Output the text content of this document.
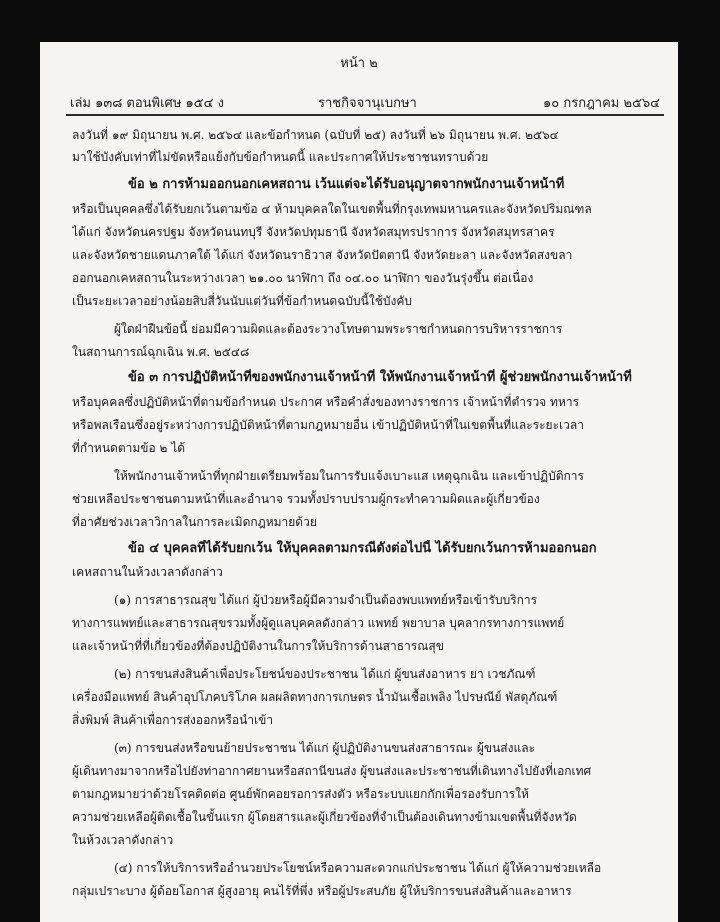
หน้า ๒
เล่ม ๑๓๘ ตอนพิเศษ ๑๕๔ ง	ราชกิจจานุเบกษา	๑๐ กรกฎาคม ๒๕๖๔
ลงวันที่ ๑๙ มิถุนายน พ.ศ. ๒๕๖๔ และข้อกำหนด (ฉบับที่ ๒๕) ลงวันที่ ๒๖ มิถุนายน พ.ศ. ๒๕๖๔
มาใช้บังคับเท่าที่ไม่ขัดหรือแย้งกับข้อกำหนดนี้ และประกาศให้ประชาชนทราบด้วย
ข้อ ๒ การห้ามออกนอกเคหสถาน เว้นแต่จะได้รับอนุญาตจากพนักงานเจ้าหน้าที่
หรือเป็นบุคคลซึ่งได้รับยกเว้นตามข้อ ๔ ห้ามบุคคลใดในเขตพื้นที่กรุงเทพมหานครและจังหวัดปริมณฑล
ได้แก่ จังหวัดนครปฐม จังหวัดนนทบุรี จังหวัดปทุมธานี จังหวัดสมุทรปราการ จังหวัดสมุทรสาคร
และจังหวัดชายแดนภาคใต้ ได้แก่ จังหวัดนราธิวาส จังหวัดปัตตานี จังหวัดยะลา และจังหวัดสงขลา
ออกนอกเคหสถานในระหว่างเวลา ๒๑.๐๐ นาฬิกา ถึง ๐๔.๐๐ นาฬิกา ของวันรุ่งขึ้น ต่อเนื่อง
เป็นระยะเวลาอย่างน้อยสิบสี่วันนับแต่วันที่ข้อกำหนดฉบับนี้ใช้บังคับ
ผู้ใดฝ่าฝืนข้อนี้ ย่อมมีความผิดและต้องระวางโทษตามพระราชกำหนดการบริหารราชการ
ในสถานการณ์ฉุกเฉิน พ.ศ. ๒๕๔๘
ข้อ ๓ การปฏิบัติหน้าที่ของพนักงานเจ้าหน้าที่ ให้พนักงานเจ้าหน้าที่ ผู้ช่วยพนักงานเจ้าหน้าที่
หรือบุคคลซึ่งปฏิบัติหน้าที่ตามข้อกำหนด ประกาศ หรือคำสั่งของทางราชการ เจ้าหน้าที่ตำรวจ ทหาร
หรือพลเรือนซึ่งอยู่ระหว่างการปฏิบัติหน้าที่ตามกฎหมายอื่น เข้าปฏิบัติหน้าที่ในเขตพื้นที่และระยะเวลา
ที่กำหนดตามข้อ ๒ ได้
ให้พนักงานเจ้าหน้าที่ทุกฝ่ายเตรียมพร้อมในการรับแจ้งเบาะแส เหตุฉุกเฉิน และเข้าปฏิบัติการ
ช่วยเหลือประชาชนตามหน้าที่และอำนาจ รวมทั้งปราบปรามผู้กระทำความผิดและผู้เกี่ยวข้อง
ที่อาศัยช่วงเวลาวิกาลในการละเมิดกฎหมายด้วย
ข้อ ๔ บุคคลที่ได้รับยกเว้น ให้บุคคลตามกรณีดังต่อไปนี้ ได้รับยกเว้นการห้ามออกนอก
เคหสถานในห้วงเวลาดังกล่าว
(๑) การสาธารณสุข ได้แก่ ผู้ป่วยหรือผู้มีความจำเป็นต้องพบแพทย์หรือเข้ารับบริการ
ทางการแพทย์และสาธารณสุขรวมทั้งผู้ดูแลบุคคลดังกล่าว แพทย์ พยาบาล บุคลากรทางการแพทย์
และเจ้าหน้าที่ที่เกี่ยวข้องที่ต้องปฏิบัติงานในการให้บริการด้านสาธารณสุข
(๒) การขนส่งสินค้าเพื่อประโยชน์ของประชาชน ได้แก่ ผู้ขนส่งอาหาร ยา เวชภัณฑ์
เครื่องมือแพทย์ สินค้าอุปโภคบริโภค ผลผลิตทางการเกษตร น้ำมันเชื้อเพลิง ไปรษณีย์ พัสดุภัณฑ์
สิ่งพิมพ์ สินค้าเพื่อการส่งออกหรือนำเข้า
(๓) การขนส่งหรือขนย้ายประชาชน ได้แก่ ผู้ปฏิบัติงานขนส่งสาธารณะ ผู้ขนส่งและ
ผู้เดินทางมาจากหรือไปยังท่าอากาศยานหรือสถานีขนส่ง ผู้ขนส่งและประชาชนที่เดินทางไปยังที่เอกเทศ
ตามกฎหมายว่าด้วยโรคติดต่อ ศูนย์พักคอยรอการส่งตัว หรือระบบแยกกักเพื่อรองรับการให้
ความช่วยเหลือผู้ติดเชื้อในขั้นแรก ผู้โดยสารและผู้เกี่ยวข้องที่จำเป็นต้องเดินทางข้ามเขตพื้นที่จังหวัด
ในห้วงเวลาดังกล่าว
(๔) การให้บริการหรืออำนวยประโยชน์หรือความสะดวกแก่ประชาชน ได้แก่ ผู้ให้ความช่วยเหลือ
กลุ่มเปราะบาง ผู้ด้อยโอกาส ผู้สูงอายุ คนไร้ที่พึ่ง หรือผู้ประสบภัย ผู้ให้บริการขนส่งสินค้าและอาหาร
